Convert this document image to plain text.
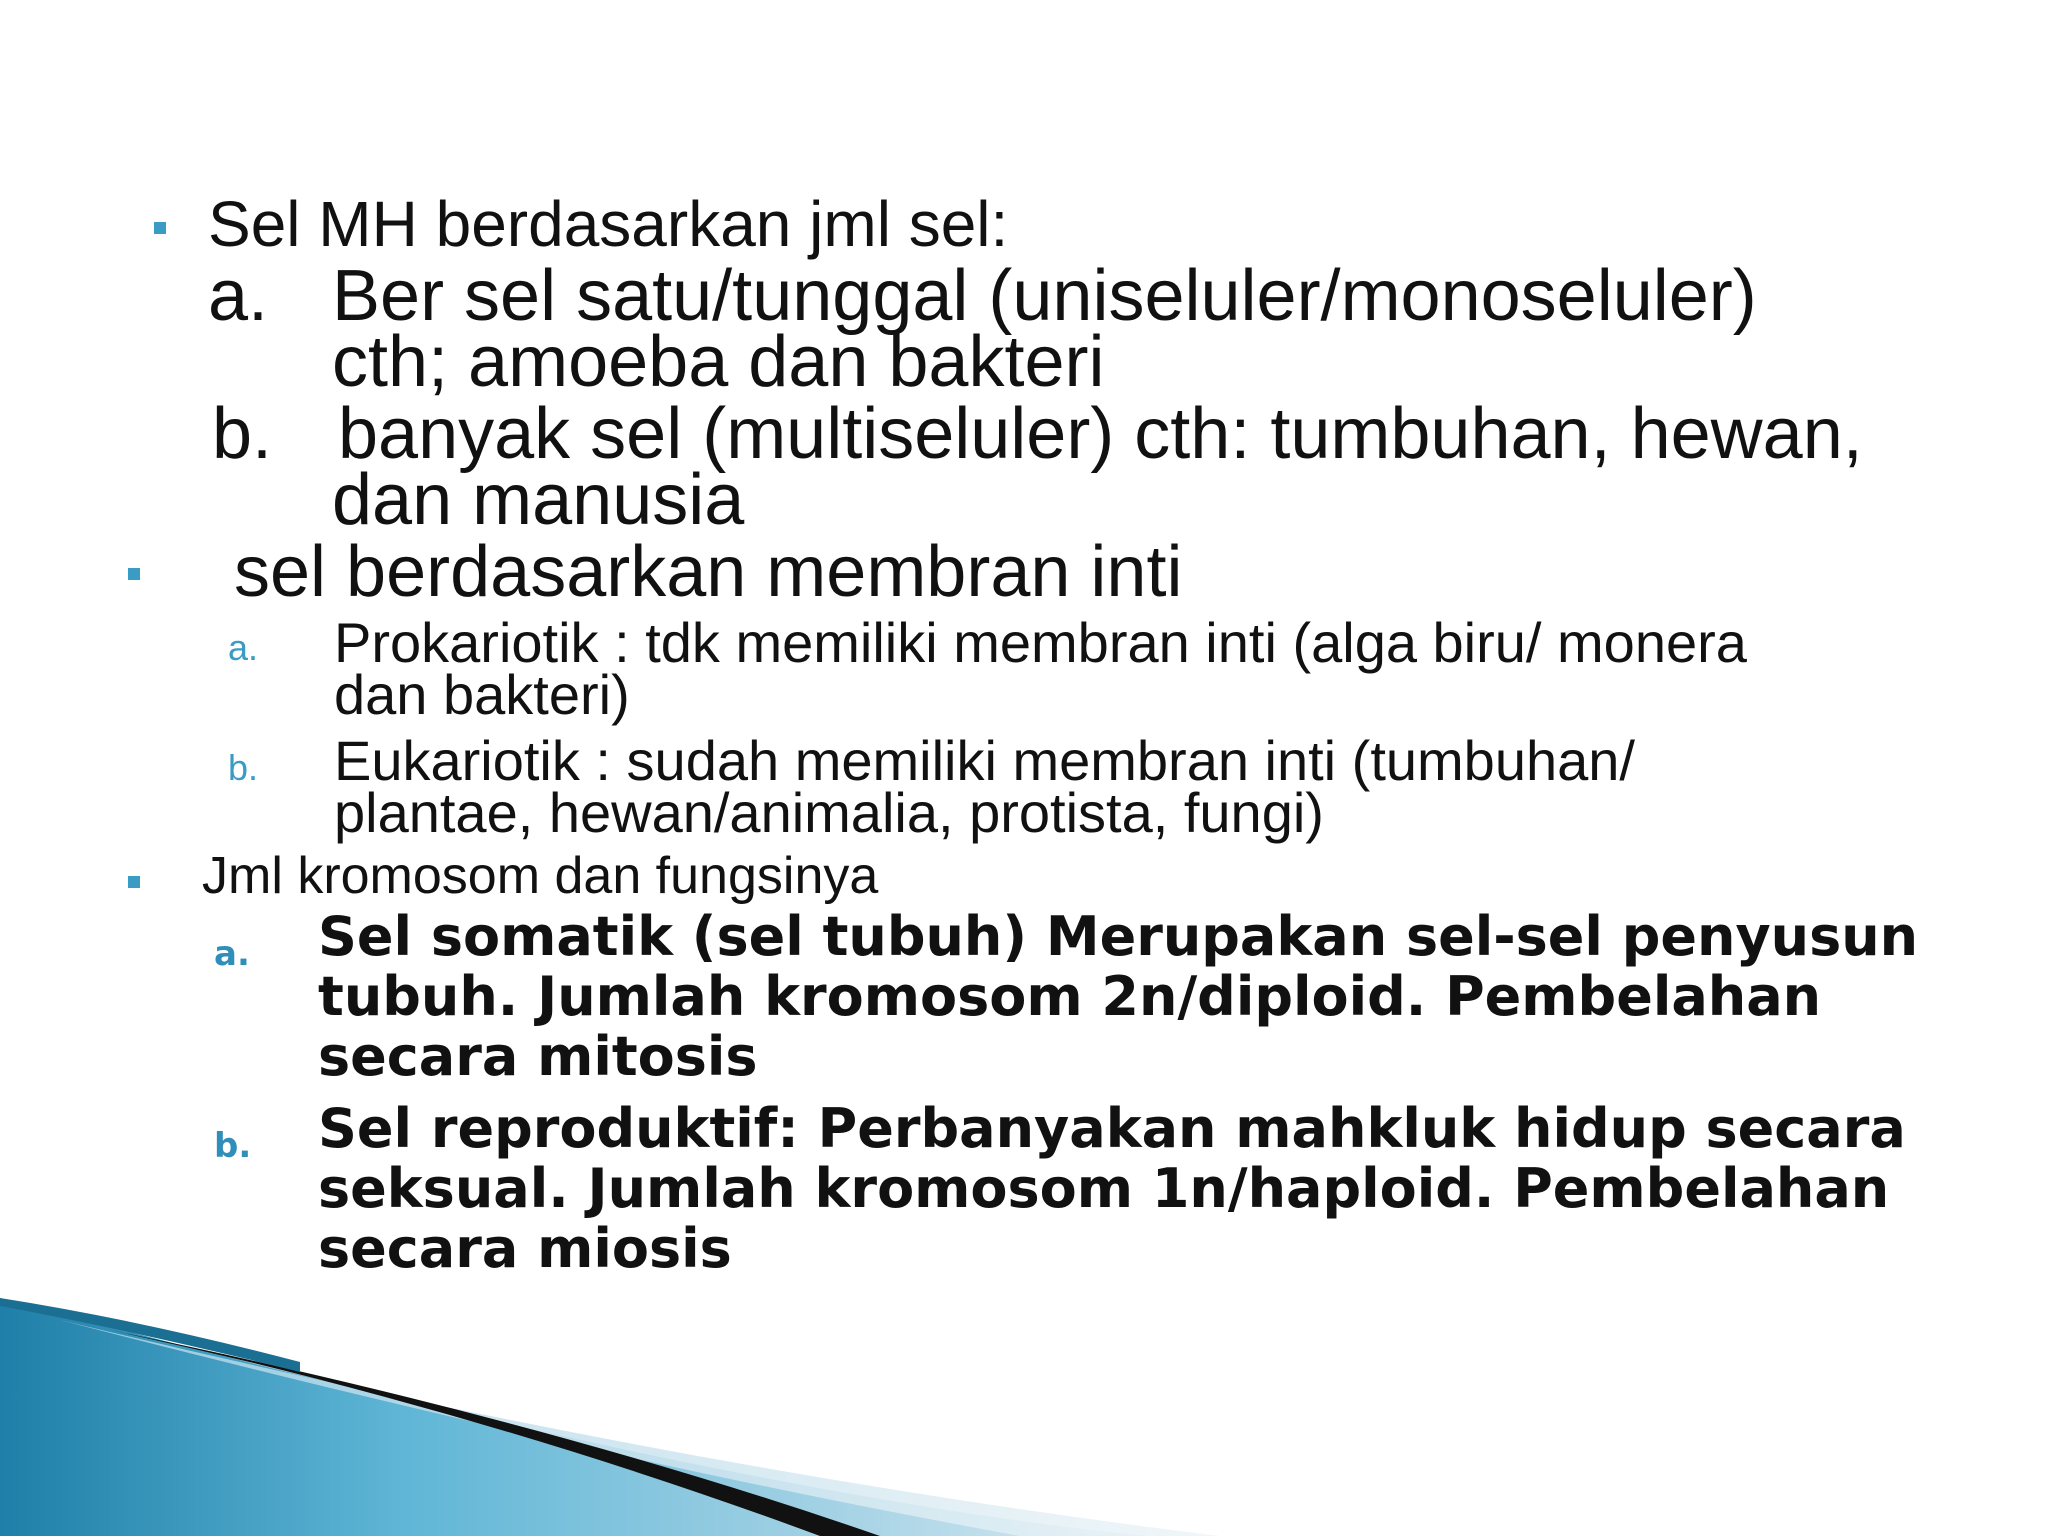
Sel MH berdasarkan jml sel:

a. Ber sel satu/tunggal (uniseluler/monoseluler)

cth; amoeba dan bakteri

b. banyak sel (multiseluler) cth: tumbuhan, hewan,

dan manusia

sel berdasarkan membran inti

a. Prokariotik : tdk memiliki membran inti (alga biru/ monera

dan bakteri)

b. Eukariotik : sudah memiliki membran inti (tumbuhan/

plantae, hewan/animalia, protista, fungi)

Jml kromosom dan fungsinya

a. Sel somatik (sel tubuh) Merupakan sel-sel penyusun

tubuh. Jumlah kromosom 2n/diploid. Pembelahan

secara mitosis

b. Sel reproduktif: Perbanyakan mahkluk hidup secara

seksual. Jumlah kromosom 1n/haploid. Pembelahan

secara miosis
